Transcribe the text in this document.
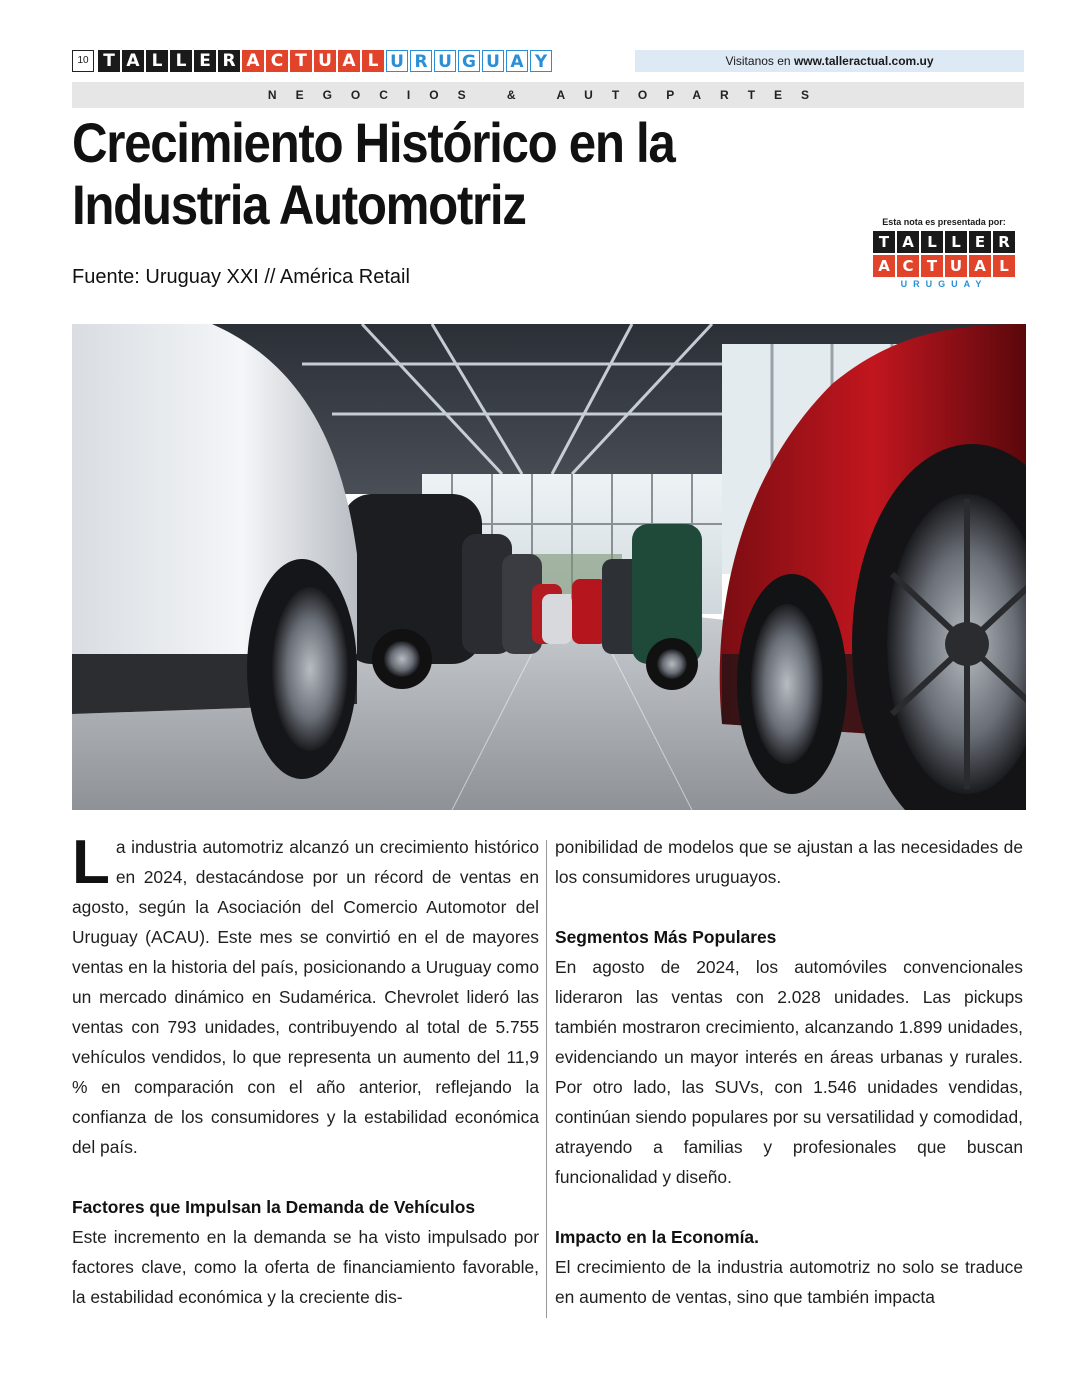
10 T A L L E R A C T U A L U R U G U A Y	Visitanos en www.talleractual.com.uy
NEGOCIOS & AUTOPARTES
Crecimiento Histórico en la
Industria Automotriz
Fuente: Uruguay XXI // América Retail
Esta nota es presentada por:
T A L L E R
A C T U A L
URUGUAY

La industria automotriz alcanzó un crecimiento histórico en 2024, destacándose por un récord de ventas en agosto, según la Asociación del Comercio Automotor del Uruguay (ACAU). Este mes se convirtió en el de mayores ventas en la historia del país, posicionando a Uruguay como un mercado dinámico en Sudamérica. Chevrolet lideró las ventas con 793 unidades, contribuyendo al total de 5.755 vehículos vendidos, lo que representa un aumento del 11,9 % en comparación con el año anterior, reflejando la confianza de los consumidores y la estabilidad económica del país.

Factores que Impulsan la Demanda de Vehículos

Este incremento en la demanda se ha visto impulsado por factores clave, como la oferta de financiamiento favorable, la estabilidad económica y la creciente dis-

ponibilidad de modelos que se ajustan a las necesidades de los consumidores uruguayos.

Segmentos Más Populares

En agosto de 2024, los automóviles convencionales lideraron las ventas con 2.028 unidades. Las pickups también mostraron crecimiento, alcanzando 1.899 unidades, evidenciando un mayor interés en áreas urbanas y rurales. Por otro lado, las SUVs, con 1.546 unidades vendidas, continúan siendo populares por su versatilidad y comodidad, atrayendo a familias y profesionales que buscan funcionalidad y diseño.

Impacto en la Economía.

El crecimiento de la industria automotriz no solo se traduce en aumento de ventas, sino que también impacta
